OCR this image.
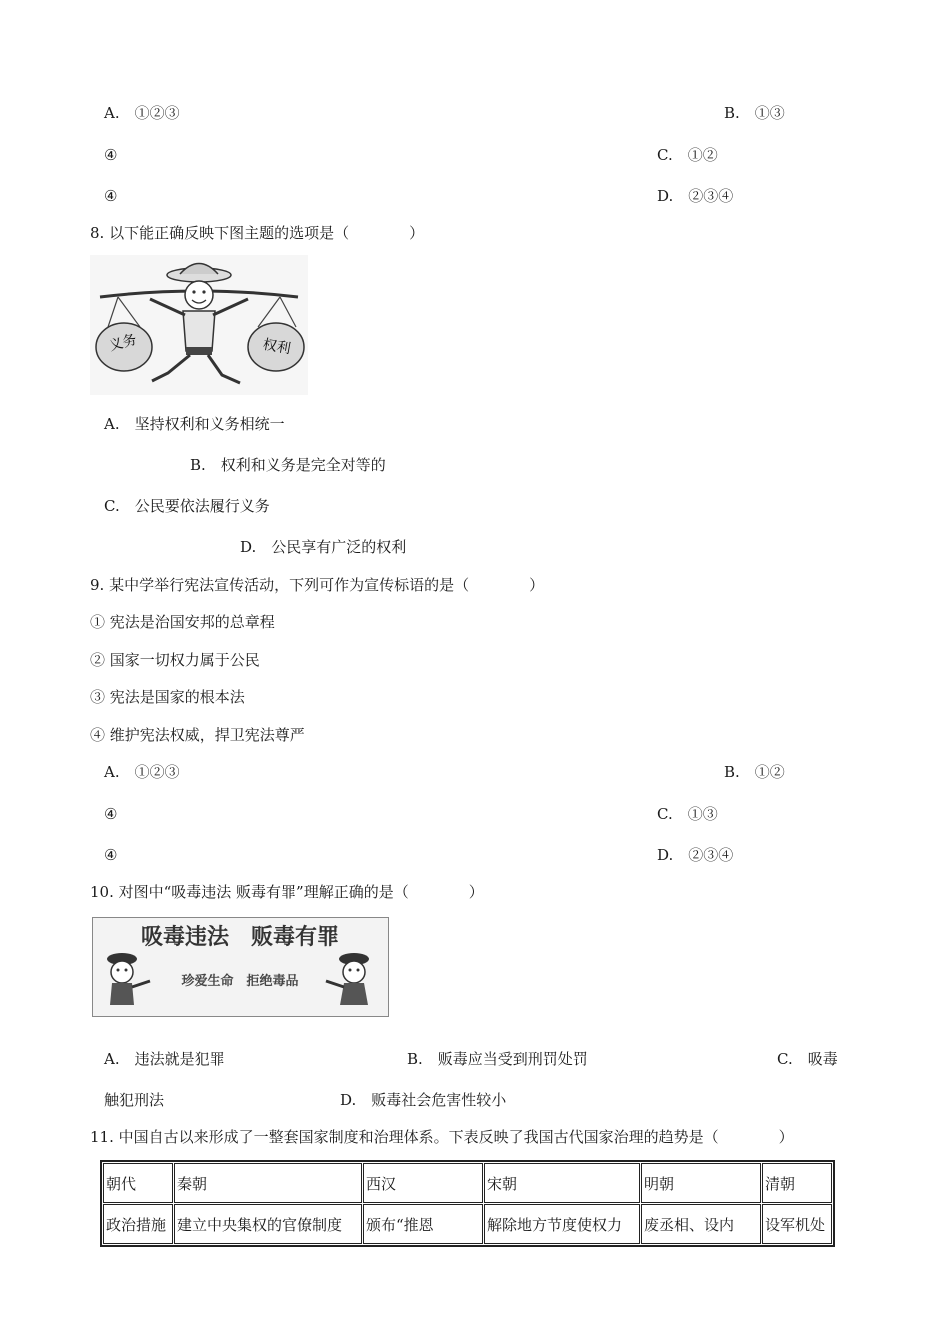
A.　①②③	B.　①③
④	C.　①②
④	D.　②③④
8. 以下能正确反映下图主题的选项是（　　　　）
义务	权利
A.　坚持权利和义务相统一
B.　权利和义务是完全对等的
C.　公民要依法履行义务
D.　公民享有广泛的权利
9. 某中学举行宪法宣传活动，下列可作为宣传标语的是（　　　　）
① 宪法是治国安邦的总章程
② 国家一切权力属于公民
③ 宪法是国家的根本法
④ 维护宪法权威，捍卫宪法尊严
A.　①②③	B.　①②
④	C.　①③
④	D.　②③④
10. 对图中“吸毒违法 贩毒有罪”理解正确的是（　　　　）
吸毒违法　贩毒有罪
珍爱生命　拒绝毒品
A.　违法就是犯罪	B.　贩毒应当受到刑罚处罚	C.　吸毒
触犯刑法	D.　贩毒社会危害性较小
11. 中国自古以来形成了一整套国家制度和治理体系。下表反映了我国古代国家治理的趋势是（　　　　）
朝代	秦朝	西汉	宋朝	明朝	清朝
政治措施	建立中央集权的官僚制度	颁布“推恩	解除地方节度使权力	废丞相、设内	设军机处
